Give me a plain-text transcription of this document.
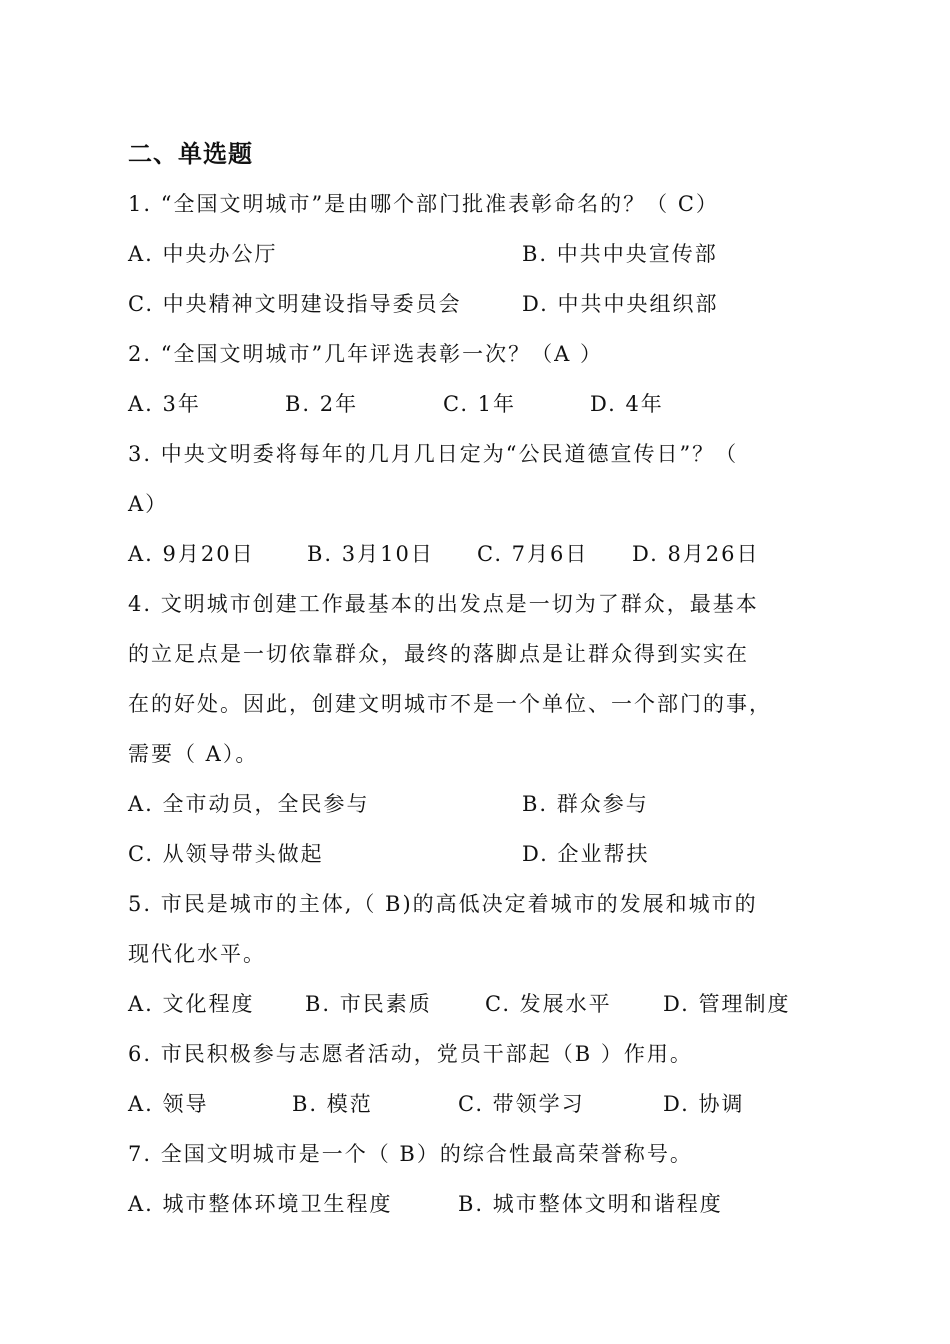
二、单选题
1. “全国文明城市”是由哪个部门批准表彰命名的？（ C）
A. 中央办公厅	B. 中共中央宣传部
C. 中央精神文明建设指导委员会	D. 中共中央组织部
2. “全国文明城市”几年评选表彰一次？（A ）
A. 3年	B. 2年	C. 1年	D. 4年
3. 中央文明委将每年的几月几日定为“公民道德宣传日”？（
A）
A. 9月20日 B. 3月10日 C. 7月6日 D. 8月26日
4. 文明城市创建工作最基本的出发点是一切为了群众，最基本
的立足点是一切依靠群众，最终的落脚点是让群众得到实实在
在的好处。因此，创建文明城市不是一个单位、一个部门的事，
需要（ A）。
A. 全市动员，全民参与	B. 群众参与
C. 从领导带头做起	D. 企业帮扶
5. 市民是城市的主体,（ B)的高低决定着城市的发展和城市的
现代化水平。
A. 文化程度 B. 市民素质	C. 发展水平 D. 管理制度
6. 市民积极参与志愿者活动，党员干部起（B ）作用。
A. 领导	B. 模范	C. 带领学习	D. 协调
7. 全国文明城市是一个（ B）的综合性最高荣誉称号。
A. 城市整体环境卫生程度	B. 城市整体文明和谐程度
